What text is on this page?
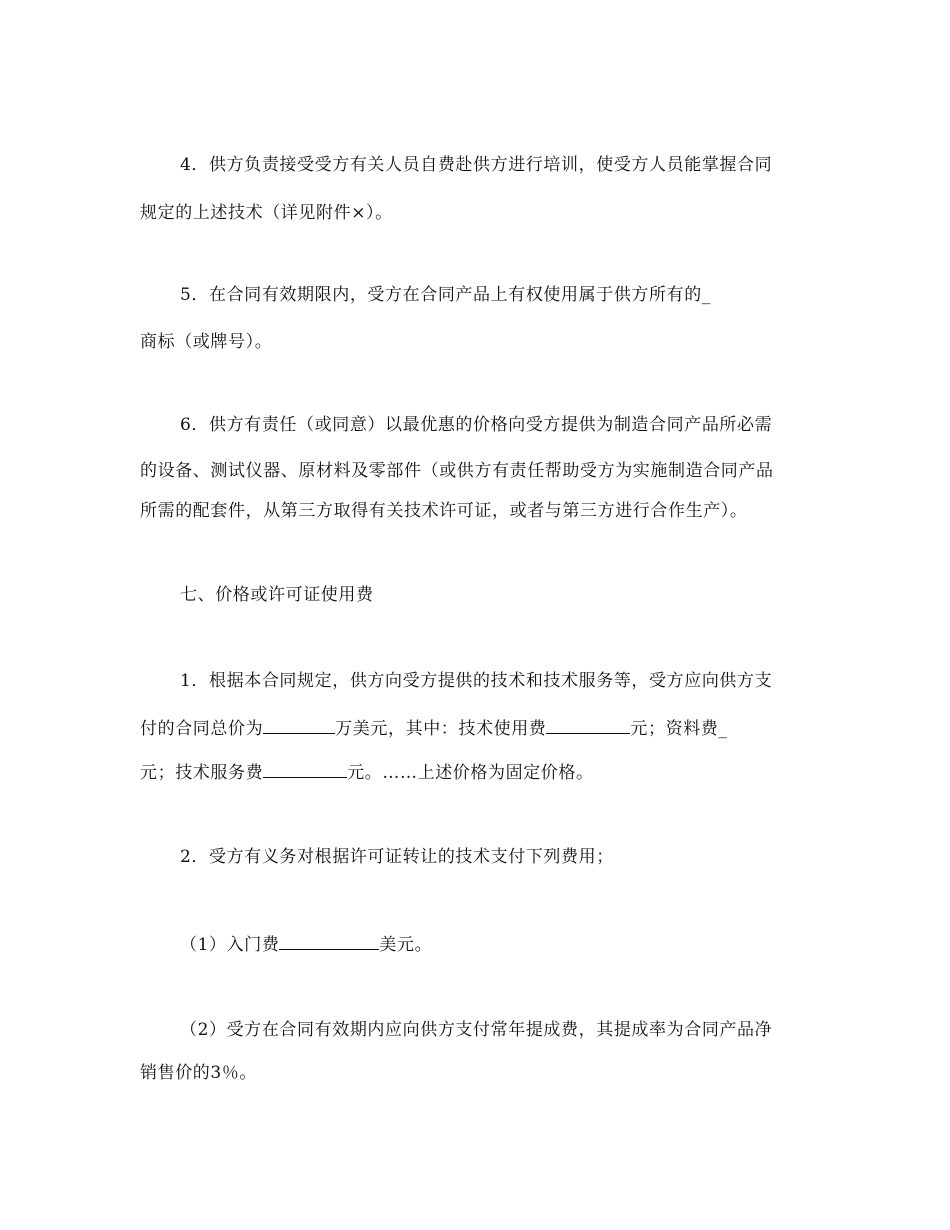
4．供方负责接受受方有关人员自费赴供方进行培训，使受方人员能掌握合同
规定的上述技术（详见附件×）。
5．在合同有效期限内，受方在合同产品上有权使用属于供方所有的_
商标（或牌号）。
6．供方有责任（或同意）以最优惠的价格向受方提供为制造合同产品所必需
的设备、测试仪器、原材料及零部件（或供方有责任帮助受方为实施制造合同产品
所需的配套件，从第三方取得有关技术许可证，或者与第三方进行合作生产）。
七、价格或许可证使用费
1．根据本合同规定，供方向受方提供的技术和技术服务等，受方应向供方支
付的合同总价为	万美元，其中：技术使用费	元；资料费_
元；技术服务费	元。……上述价格为固定价格。
2．受方有义务对根据许可证转让的技术支付下列费用；
（1）入门费	美元。
（2）受方在合同有效期内应向供方支付常年提成费，其提成率为合同产品净
销售价的3％。
